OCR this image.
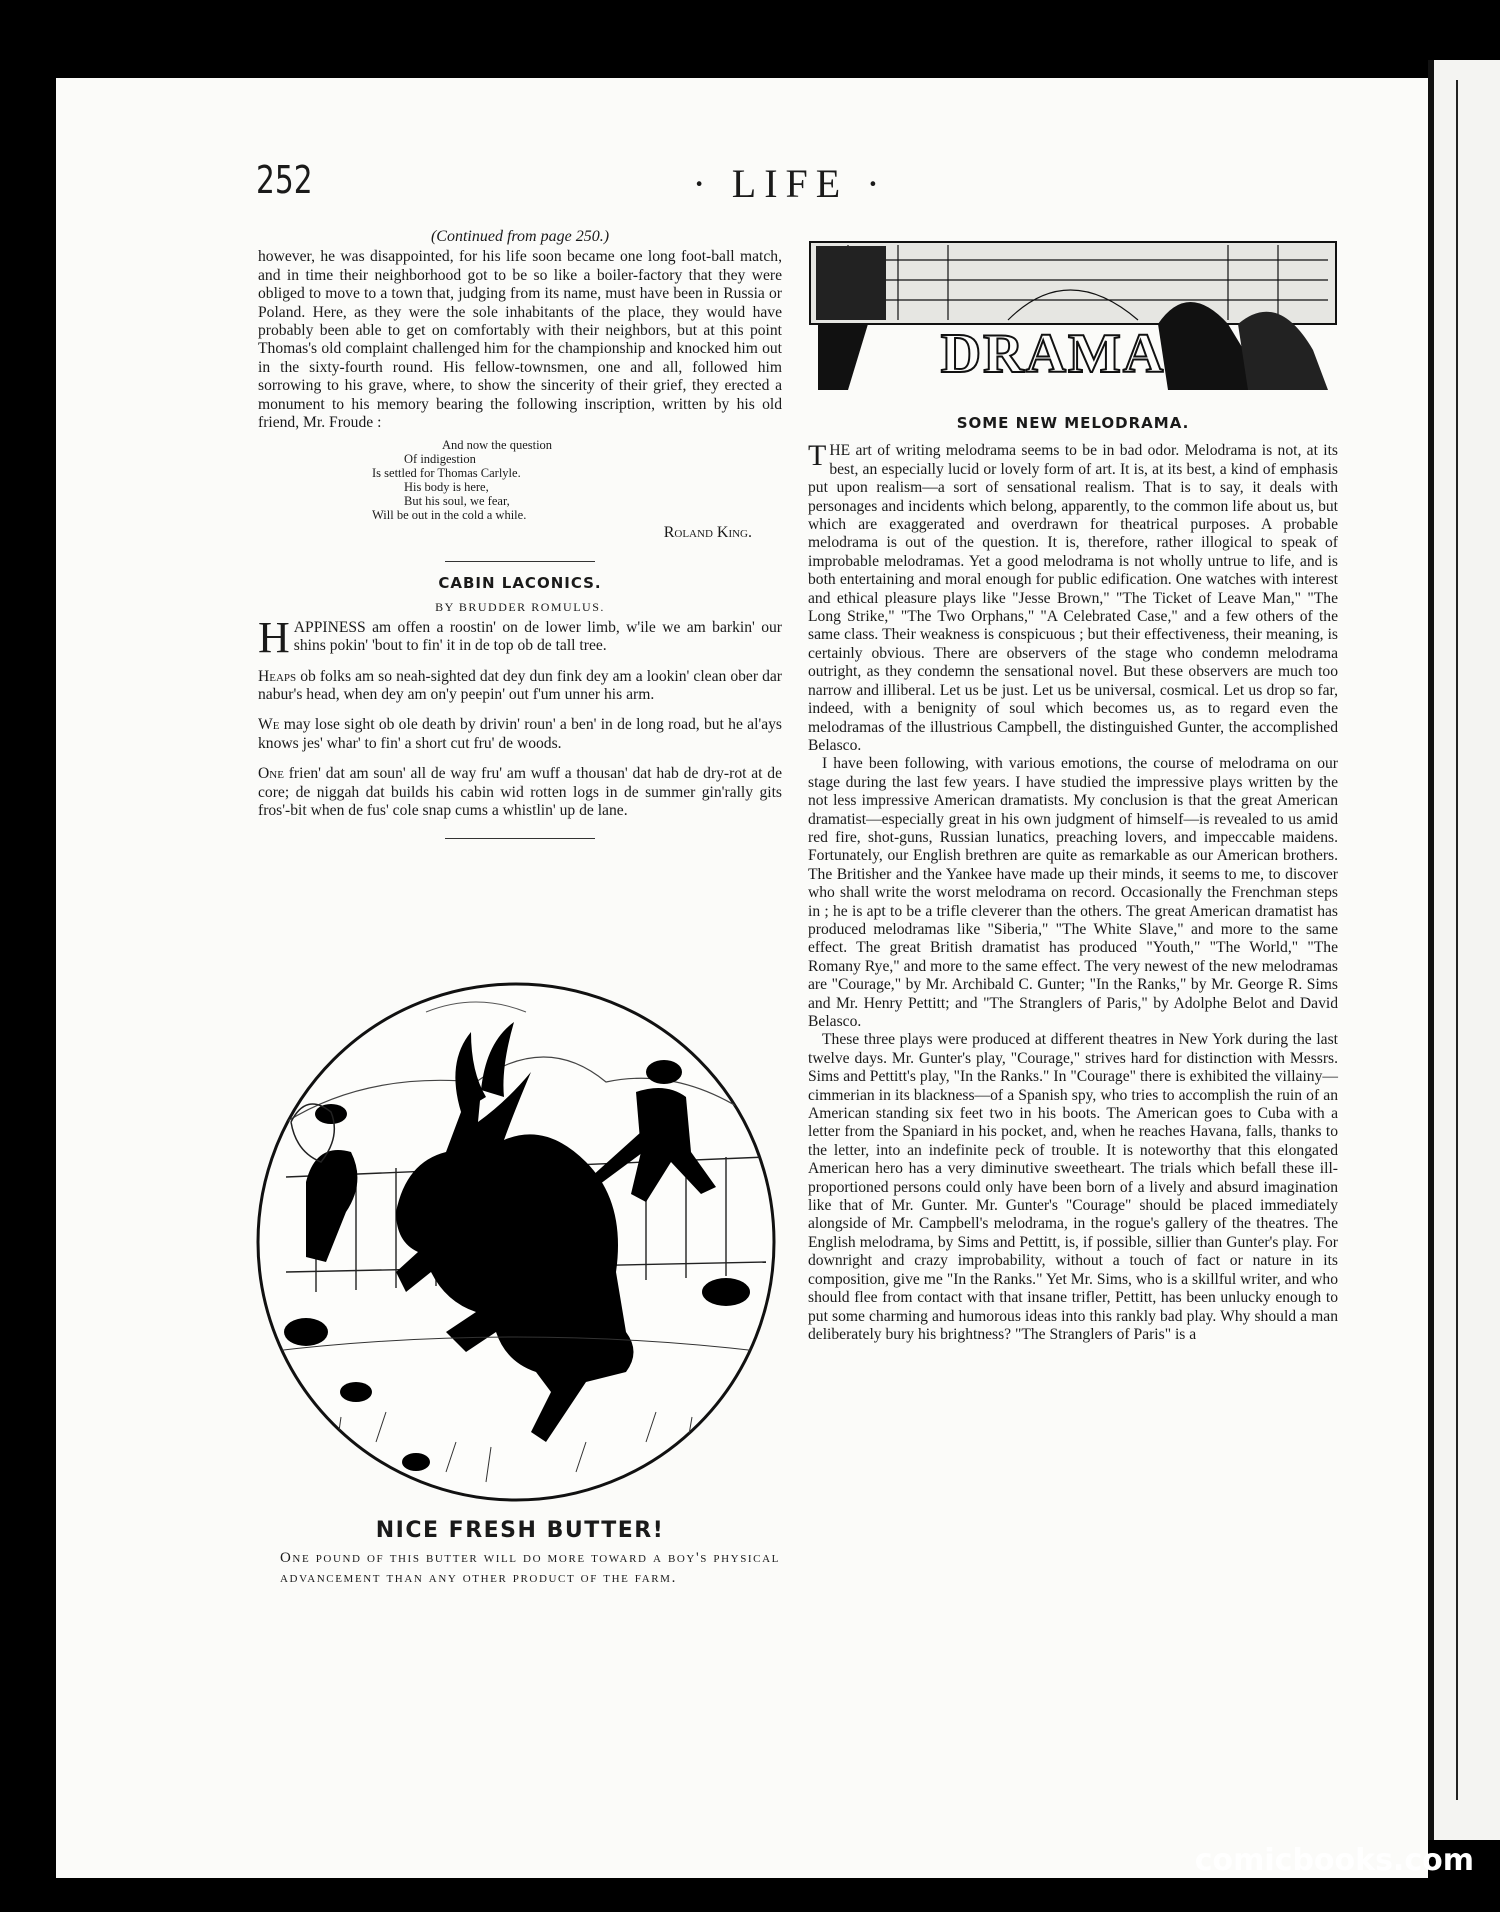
252	· LIFE ·

(Continued from page 250.)

however, he was disappointed, for his life soon became one long foot-ball match, and in time their neighborhood got to be so like a boiler-factory that they were obliged to move to a town that, judging from its name, must have been in Russia or Poland. Here, as they were the sole inhabitants of the place, they would have probably been able to get on comfortably with their neighbors, but at this point Thomas's old complaint challenged him for the championship and knocked him out in the sixty-fourth round. His fellow-townsmen, one and all, followed him sorrowing to his grave, where, to show the sincerity of their grief, they erected a monument to his memory bearing the following inscription, written by his old friend, Mr. Froude :

And now the question
Of indigestion
Is settled for Thomas Carlyle.
His body is here,
But his soul, we fear,
Will be out in the cold a while.
Roland King.
CABIN LACONICS.
BY BRUDDER ROMULUS.

HAPPINESS am offen a roostin' on de lower limb, w'ile we am barkin' our shins pokin' 'bout to fin' it in de top ob de tall tree.

Heaps ob folks am so neah-sighted dat dey dun fink dey am a lookin' clean ober dar nabur's head, when dey am on'y peepin' out f'um unner his arm.

We may lose sight ob ole death by drivin' roun' a ben' in de long road, but he al'ays knows jes' whar' to fin' a short cut fru' de woods.

One frien' dat am soun' all de way fru' am wuff a thousan' dat hab de dry-rot at de core; de niggah dat builds his cabin wid rotten logs in de summer gin'rally gits fros'-bit when de fus' cole snap cums a whistlin' up de lane.

NICE FRESH BUTTER!
One pound of this butter will do more toward a boy's physical advancement than any other product of the farm.
DRAMA
SOME NEW MELODRAMA.

THE art of writing melodrama seems to be in bad odor. Melodrama is not, at its best, an especially lucid or lovely form of art. It is, at its best, a kind of emphasis put upon realism—a sort of sensational realism. That is to say, it deals with personages and incidents which belong, apparently, to the common life about us, but which are exaggerated and overdrawn for theatrical purposes. A probable melodrama is out of the question. It is, therefore, rather illogical to speak of improbable melodramas. Yet a good melodrama is not wholly untrue to life, and is both entertaining and moral enough for public edification. One watches with interest and ethical pleasure plays like "Jesse Brown," "The Ticket of Leave Man," "The Long Strike," "The Two Orphans," "A Celebrated Case," and a few others of the same class. Their weakness is conspicuous ; but their effectiveness, their meaning, is certainly obvious. There are observers of the stage who condemn melodrama outright, as they condemn the sensational novel. But these observers are much too narrow and illiberal. Let us be just. Let us be universal, cosmical. Let us drop so far, indeed, with a benignity of soul which becomes us, as to regard even the melodramas of the illustrious Campbell, the distinguished Gunter, the accomplished Belasco.

I have been following, with various emotions, the course of melodrama on our stage during the last few years. I have studied the impressive plays written by the not less impressive American dramatists. My conclusion is that the great American dramatist—especially great in his own judgment of himself—is revealed to us amid red fire, shot-guns, Russian lunatics, preaching lovers, and impeccable maidens. Fortunately, our English brethren are quite as remarkable as our American brothers. The Britisher and the Yankee have made up their minds, it seems to me, to discover who shall write the worst melodrama on record. Occasionally the Frenchman steps in ; he is apt to be a trifle cleverer than the others. The great American dramatist has produced melodramas like "Siberia," "The White Slave," and more to the same effect. The great British dramatist has produced "Youth," "The World," "The Romany Rye," and more to the same effect. The very newest of the new melodramas are "Courage," by Mr. Archibald C. Gunter; "In the Ranks," by Mr. George R. Sims and Mr. Henry Pettitt; and "The Stranglers of Paris," by Adolphe Belot and David Belasco.

These three plays were produced at different theatres in New York during the last twelve days. Mr. Gunter's play, "Courage," strives hard for distinction with Messrs. Sims and Pettitt's play, "In the Ranks." In "Courage" there is exhibited the villainy—cimmerian in its blackness—of a Spanish spy, who tries to accomplish the ruin of an American standing six feet two in his boots. The American goes to Cuba with a letter from the Spaniard in his pocket, and, when he reaches Havana, falls, thanks to the letter, into an indefinite peck of trouble. It is noteworthy that this elongated American hero has a very diminutive sweetheart. The trials which befall these ill-proportioned persons could only have been born of a lively and absurd imagination like that of Mr. Gunter. Mr. Gunter's "Courage" should be placed immediately alongside of Mr. Campbell's melodrama, in the rogue's gallery of the theatres. The English melodrama, by Sims and Pettitt, is, if possible, sillier than Gunter's play. For downright and crazy improbability, without a touch of fact or nature in its composition, give me "In the Ranks." Yet Mr. Sims, who is a skillful writer, and who should flee from contact with that insane trifler, Pettitt, has been unlucky enough to put some charming and humorous ideas into this rankly bad play. Why should a man deliberately bury his brightness? "The Stranglers of Paris" is a

comicbooks.com
